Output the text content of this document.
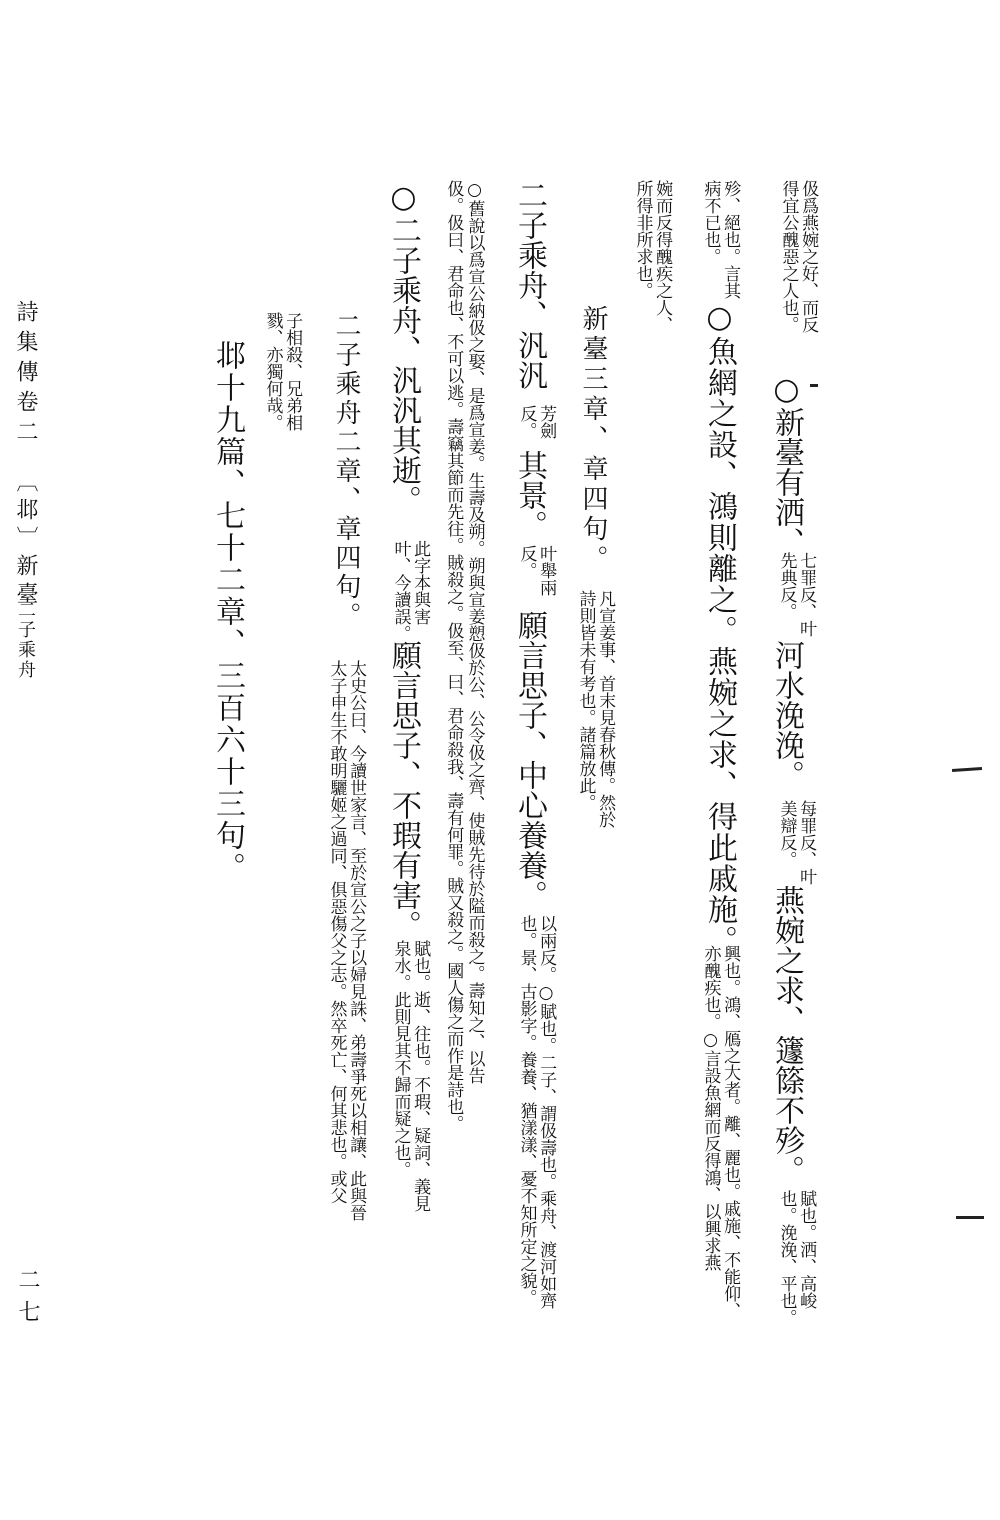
詩集傳卷二
〔邶〕新臺
二子乘舟
二七
伋爲燕婉之好、而反
得宜公醜惡之人也。
○新臺有洒、
七罪反、叶
先典反。
河水浼浼。
每罪反、叶
美辯反。
燕婉之求、籧篨不殄。
賦也。洒、高峻
也。浼浼、平也。
殄、絕也。言其
病不已也。
○魚網之設、鴻則離之。燕婉之求、得此戚施。
興也。鴻、鴈之大者。離、麗也。戚施、不能仰、
亦醜疾也。○言設魚網而反得鴻、以興求燕
婉而反得醜疾之人、
所得非所求也。
新臺三章、章四句。
凡宣姜事、首末見春秋傳。然於
詩則皆未有考也。諸篇放此。
二子乘舟、汎汎
芳劍
反。
其景。
叶舉兩
反。
願言思子、中心養養。
以兩反。○賦也。二子、謂伋壽也。乘舟、渡河如齊
也。景、古影字。養養、猶漾漾、憂不知所定之貌。
○舊說以爲宣公納伋之娶、是爲宣姜。生壽及朔。朔與宣姜愬伋於公、公令伋之齊、使賊先待於隘而殺之。壽知之、以告
伋。伋曰、君命也、不可以逃。壽竊其節而先往。賊殺之。伋至、曰、君命殺我、壽有何罪。賊又殺之。國人傷之而作是詩也。
○二子乘舟、汎汎其逝。
此字本與害
叶、今讀誤。
願言思子、不瑕有害。
賦也。逝、往也。不瑕、疑詞、義見
泉水。此則見其不歸而疑之也。
子相殺、兄弟相
戮、亦獨何哉。	二子乘舟二章、章四句。
太史公曰、今讀世家言、至於宣公之子以婦見誅、弟壽爭死以相讓、此與晉
太子申生不敢明驪姬之過同、俱惡傷父之志。然卒死亡、何其悲也。或父
邶十九篇、七十二章、三百六十三句。
